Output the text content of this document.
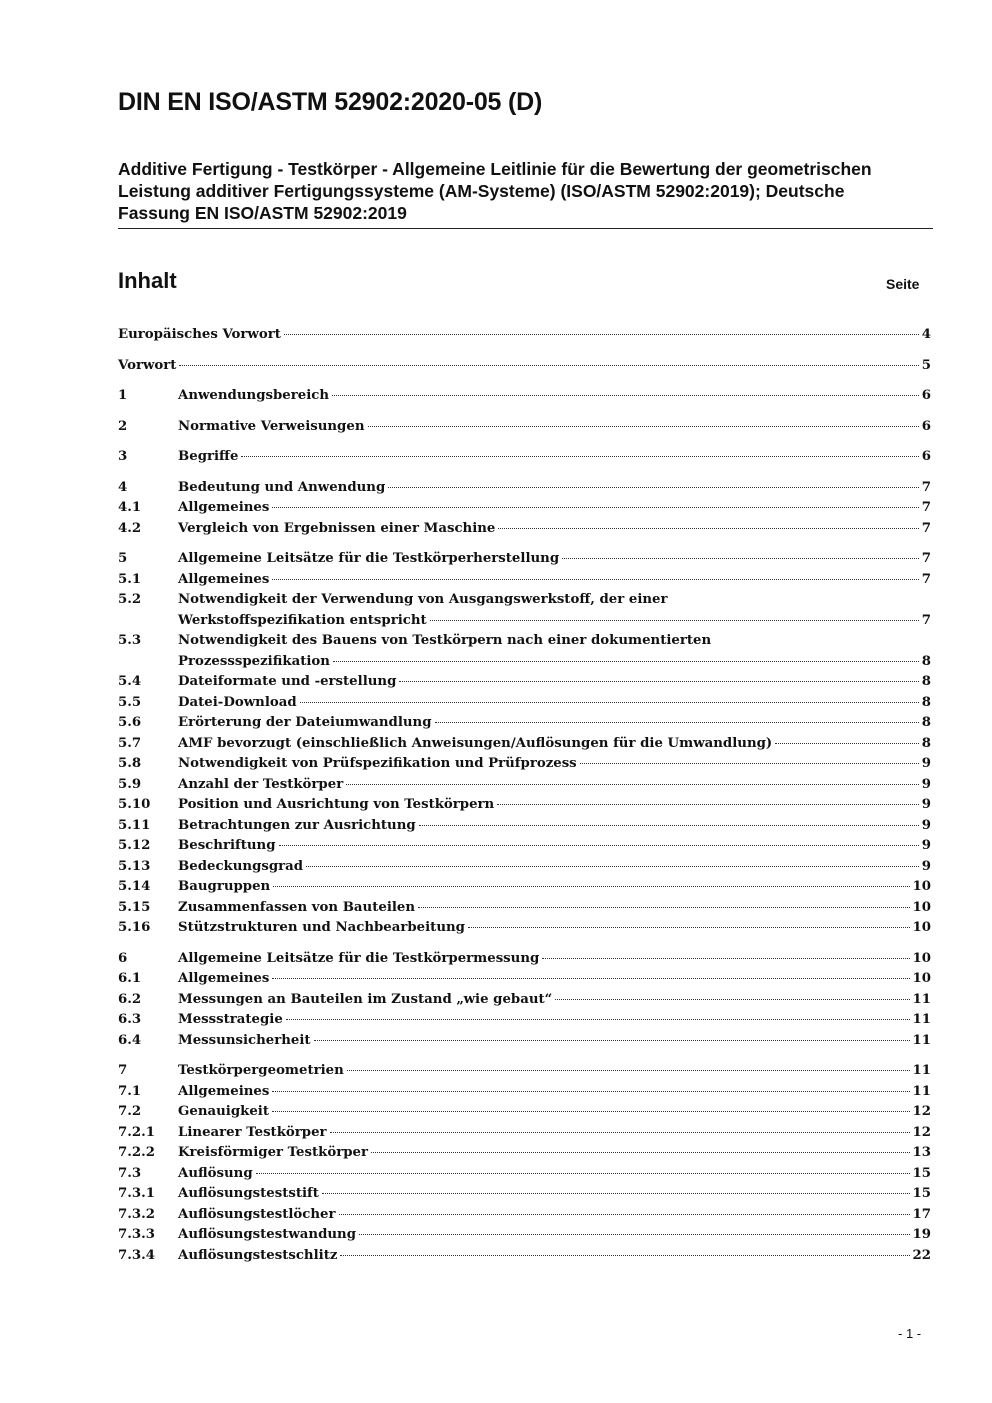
DIN EN ISO/ASTM 52902:2020-05 (D)

Additive Fertigung - Testkörper - Allgemeine Leitlinie für die Bewertung der geometrischen Leistung additiver Fertigungssysteme (AM-Systeme) (ISO/ASTM 52902:2019); Deutsche Fassung EN ISO/ASTM 52902:2019

Inhalt	Seite
Europäisches Vorwort	4
Vorwort	5
1	Anwendungsbereich	6
2	Normative Verweisungen	6
3	Begriffe	6
4	Bedeutung und Anwendung	7
4.1	Allgemeines	7
4.2	Vergleich von Ergebnissen einer Maschine	7
5	Allgemeine Leitsätze für die Testkörperherstellung	7
5.1	Allgemeines	7
5.2	Notwendigkeit der Verwendung von Ausgangswerkstoff, der einer
Werkstoffspezifikation entspricht	7
5.3	Notwendigkeit des Bauens von Testkörpern nach einer dokumentierten
Prozessspezifikation	8
5.4	Dateiformate und -erstellung	8
5.5	Datei-Download	8
5.6	Erörterung der Dateiumwandlung	8
5.7	AMF bevorzugt (einschließlich Anweisungen/Auflösungen für die Umwandlung)	8
5.8	Notwendigkeit von Prüfspezifikation und Prüfprozess	9
5.9	Anzahl der Testkörper	9
5.10	Position und Ausrichtung von Testkörpern	9
5.11	Betrachtungen zur Ausrichtung	9
5.12	Beschriftung	9
5.13	Bedeckungsgrad	9
5.14	Baugruppen	10
5.15	Zusammenfassen von Bauteilen	10
5.16	Stützstrukturen und Nachbearbeitung	10
6	Allgemeine Leitsätze für die Testkörpermessung	10
6.1	Allgemeines	10
6.2	Messungen an Bauteilen im Zustand „wie gebaut“	11
6.3	Messstrategie	11
6.4	Messunsicherheit	11
7	Testkörpergeometrien	11
7.1	Allgemeines	11
7.2	Genauigkeit	12
7.2.1	Linearer Testkörper	12
7.2.2	Kreisförmiger Testkörper	13
7.3	Auflösung	15
7.3.1	Auflösungsteststift	15
7.3.2	Auflösungstestlöcher	17
7.3.3	Auflösungstestwandung	19
7.3.4	Auflösungstestschlitz	22
- 1 -
